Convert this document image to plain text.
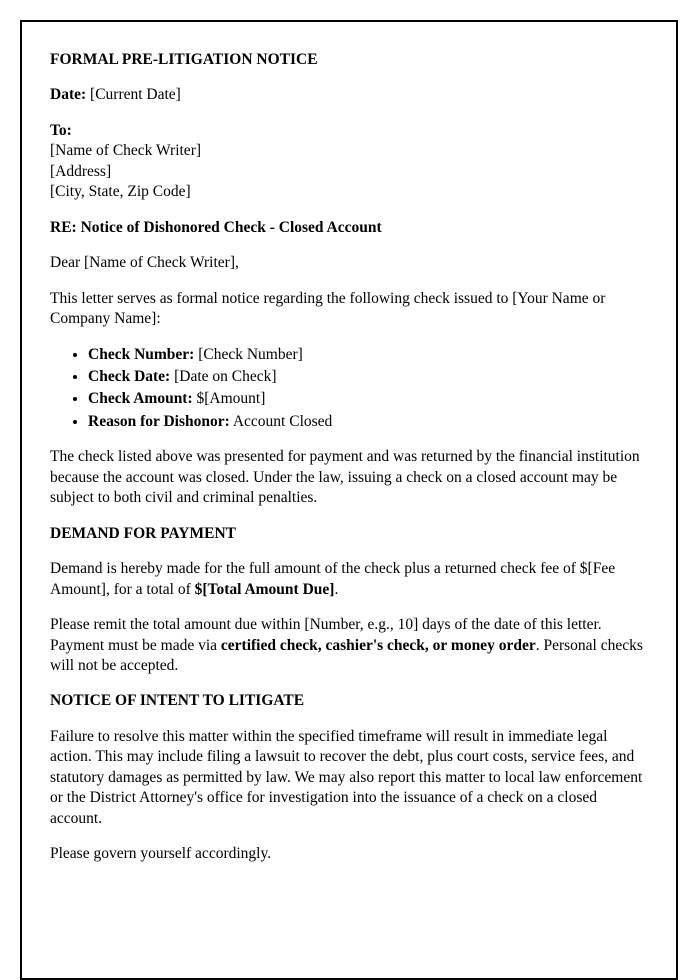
FORMAL PRE-LITIGATION NOTICE

Date: [Current Date]

To:
[Name of Check Writer]
[Address]
[City, State, Zip Code]

RE: Notice of Dishonored Check - Closed Account

Dear [Name of Check Writer],

This letter serves as formal notice regarding the following check issued to [Your Name or Company Name]:

• Check Number: [Check Number]
• Check Date: [Date on Check]
• Check Amount: $[Amount]
• Reason for Dishonor: Account Closed

The check listed above was presented for payment and was returned by the financial institution because the account was closed. Under the law, issuing a check on a closed account may be subject to both civil and criminal penalties.

DEMAND FOR PAYMENT

Demand is hereby made for the full amount of the check plus a returned check fee of $[Fee Amount], for a total of $[Total Amount Due].

Please remit the total amount due within [Number, e.g., 10] days of the date of this letter. Payment must be made via certified check, cashier's check, or money order. Personal checks will not be accepted.

NOTICE OF INTENT TO LITIGATE

Failure to resolve this matter within the specified timeframe will result in immediate legal action. This may include filing a lawsuit to recover the debt, plus court costs, service fees, and statutory damages as permitted by law. We may also report this matter to local law enforcement or the District Attorney's office for investigation into the issuance of a check on a closed account.

Please govern yourself accordingly.
